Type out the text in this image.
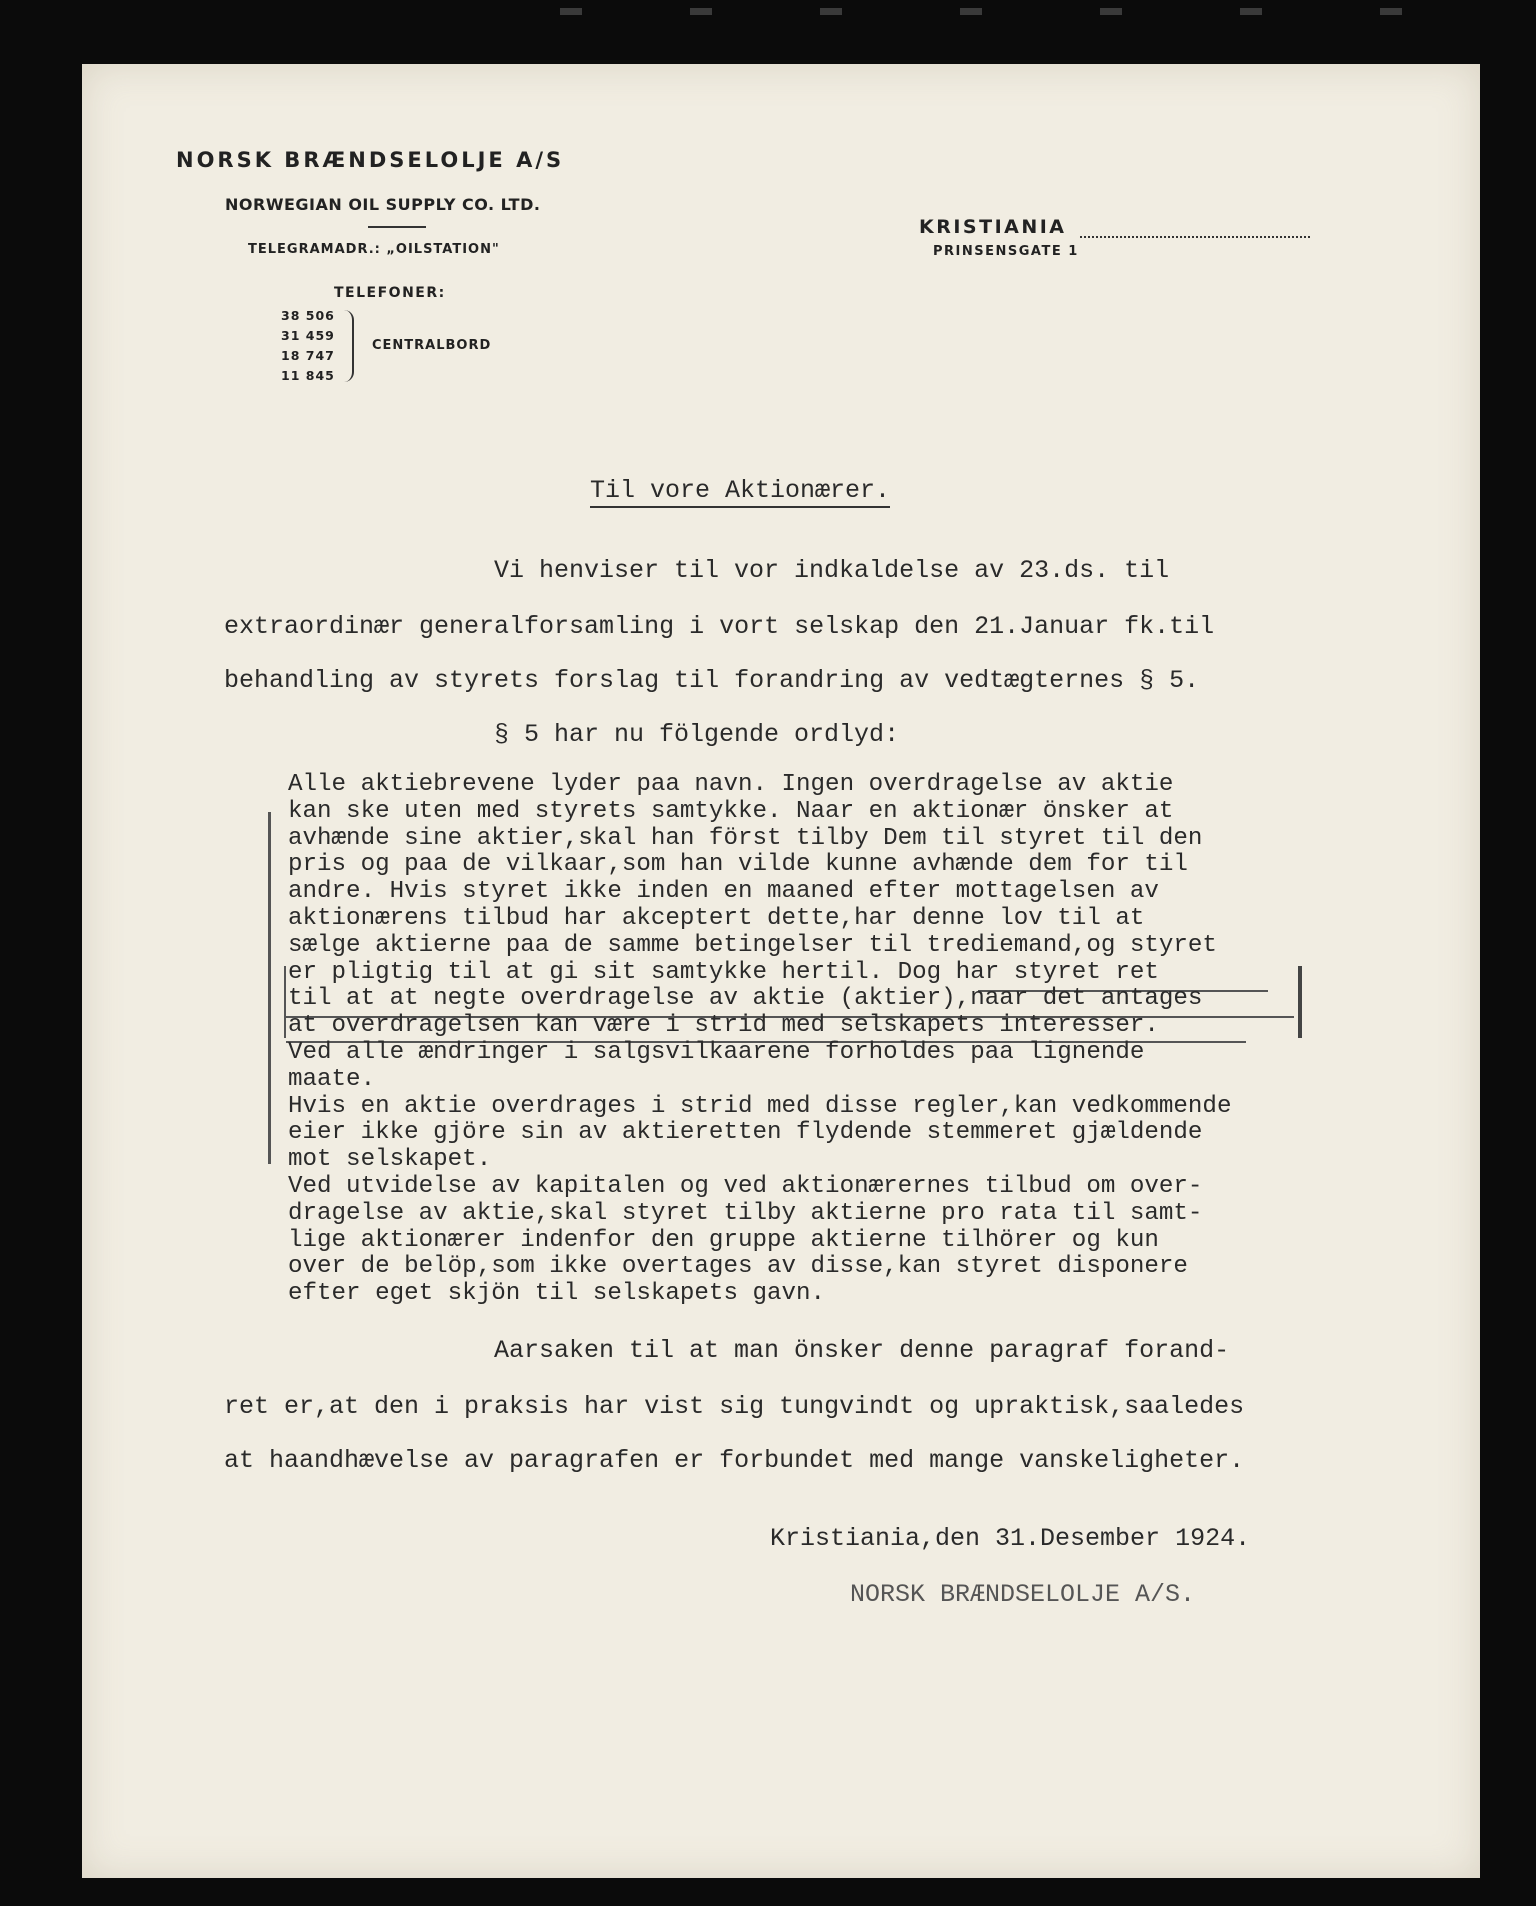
NORSK BRÆNDSELOLJE A/S
NORWEGIAN OIL SUPPLY CO. LTD.
TELEGRAMADR.: „OILSTATION"
TELEFONER:
38 506
31 459
18 747
11 845
CENTRALBORD
KRISTIANIA
PRINSENSGATE 1
Til vore Aktionærer.
Vi henviser til vor indkaldelse av 23.ds. til
extraordinær generalforsamling i vort selskap den 21.Januar fk.til
behandling av styrets forslag til forandring av vedtægternes § 5.
§ 5 har nu fölgende ordlyd:
Alle aktiebrevene lyder paa navn. Ingen overdragelse av aktie
kan ske uten med styrets samtykke. Naar en aktionær önsker at
avhænde sine aktier,skal han först tilby Dem til styret til den
pris og paa de vilkaar,som han vilde kunne avhænde dem for til
andre. Hvis styret ikke inden en maaned efter mottagelsen av
aktionærens tilbud har akceptert dette,har denne lov til at
sælge aktierne paa de samme betingelser til trediemand,og styret
er pligtig til at gi sit samtykke hertil. Dog har styret ret
til at at negte overdragelse av aktie (aktier),naar det antages
at overdragelsen kan være i strid med selskapets interesser.
Ved alle ændringer i salgsvilkaarene forholdes paa lignende
maate.
Hvis en aktie overdrages i strid med disse regler,kan vedkommende
eier ikke gjöre sin av aktieretten flydende stemmeret gjældende
mot selskapet.
Ved utvidelse av kapitalen og ved aktionærernes tilbud om over-
dragelse av aktie,skal styret tilby aktierne pro rata til samt-
lige aktionærer indenfor den gruppe aktierne tilhörer og kun
over de belöp,som ikke overtages av disse,kan styret disponere
efter eget skjön til selskapets gavn.
Aarsaken til at man önsker denne paragraf forand-
ret er,at den i praksis har vist sig tungvindt og upraktisk,saaledes
at haandhævelse av paragrafen er forbundet med mange vanskeligheter.
Kristiania,den 31.Desember 1924.
NORSK BRÆNDSELOLJE A/S.
